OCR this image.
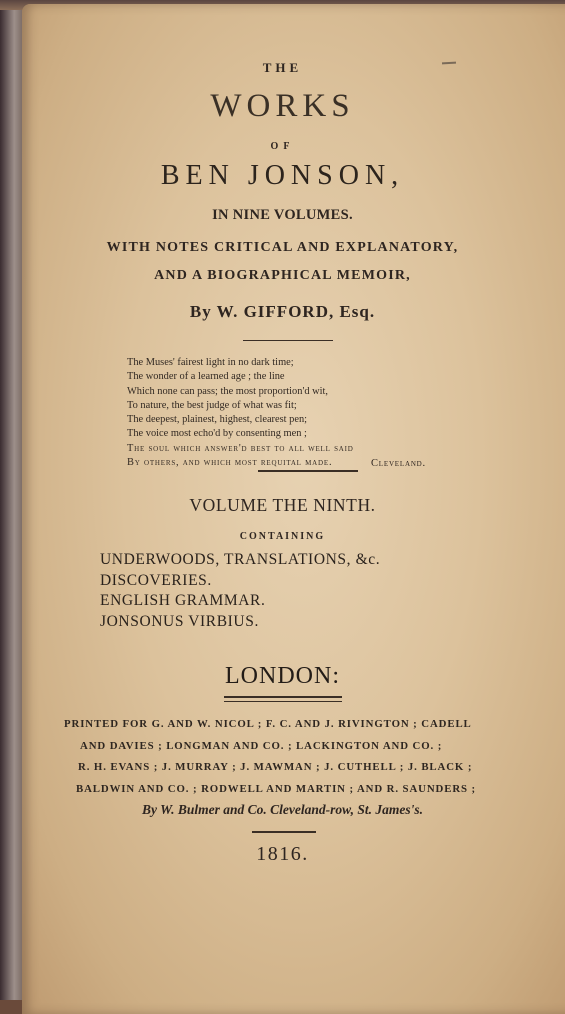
THE
WORKS
OF
BEN JONSON,
IN NINE VOLUMES.
WITH NOTES CRITICAL AND EXPLANATORY,
AND A BIOGRAPHICAL MEMOIR,
By W. GIFFORD, Esq.
The Muses' fairest light in no dark time;
The wonder of a learned age ; the line
Which none can pass; the most proportion'd wit,
To nature, the best judge of what was fit;
The deepest, plainest, highest, clearest pen;
The voice most echo'd by consenting men ;
The soul which answer'd best to all well said
By others, and which most requital made.	Cleveland.
VOLUME THE NINTH.
CONTAINING
UNDERWOODS, TRANSLATIONS, &c.
DISCOVERIES.
ENGLISH GRAMMAR.
JONSONUS VIRBIUS.
LONDON:
PRINTED FOR G. AND W. NICOL ; F. C. AND J. RIVINGTON ; CADELL
AND DAVIES ; LONGMAN AND CO. ; LACKINGTON AND CO. ;
R. H. EVANS ; J. MURRAY ; J. MAWMAN ; J. CUTHELL ; J. BLACK ;
BALDWIN AND CO. ; RODWELL AND MARTIN ; AND R. SAUNDERS ;
By W. Bulmer and Co. Cleveland-row, St. James's.
1816.
